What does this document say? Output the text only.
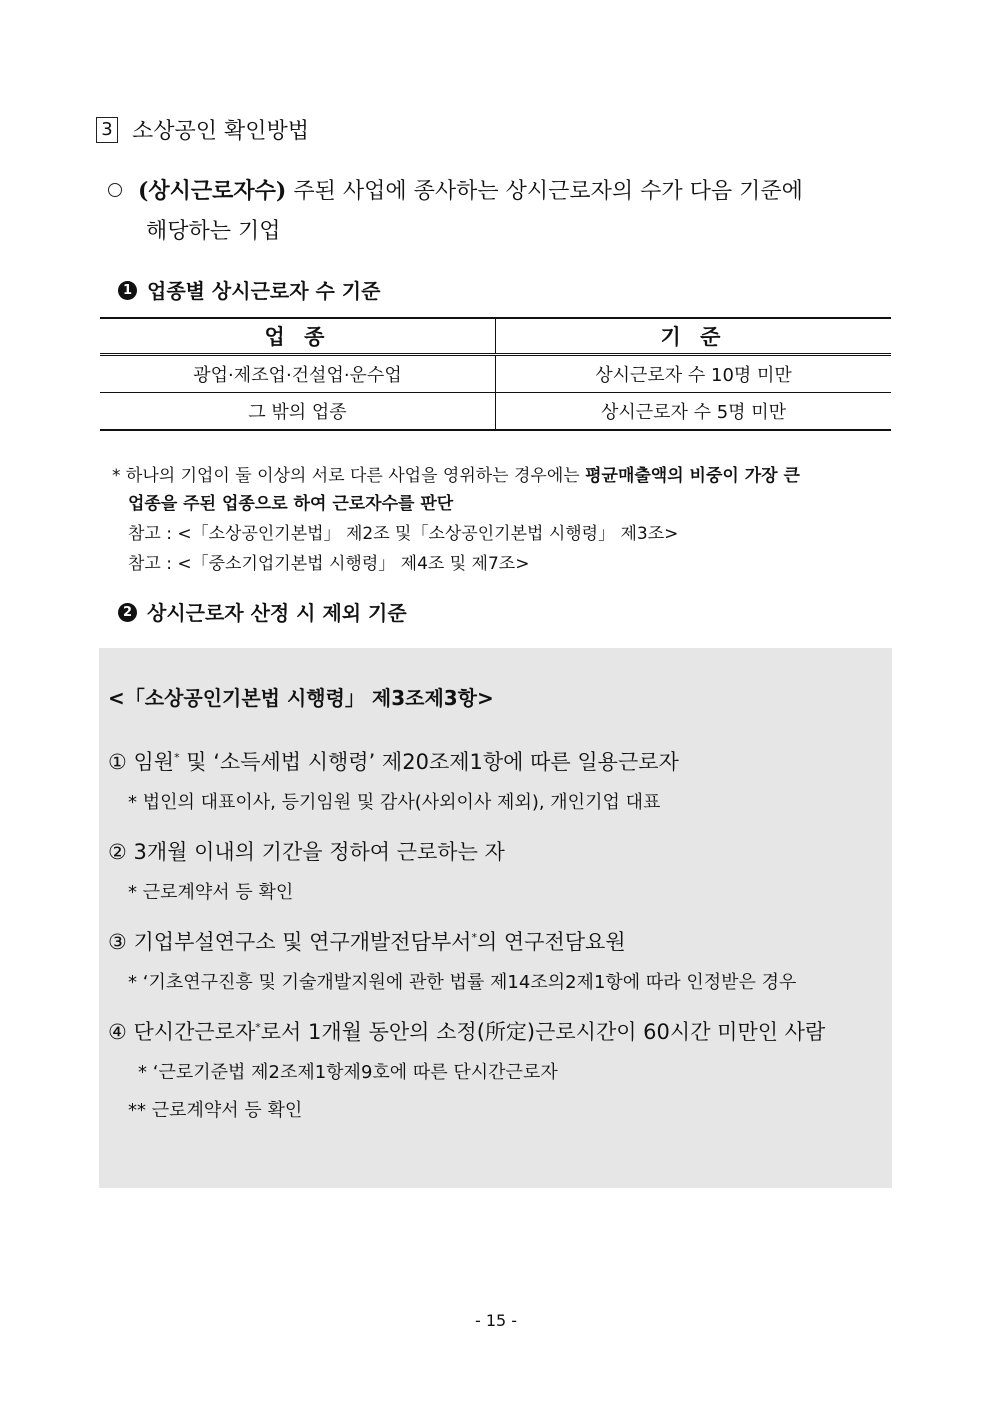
3 소상공인 확인방법
(상시근로자수) 주된 사업에 종사하는 상시근로자의 수가 다음 기준에
해당하는 기업
1 업종별 상시근로자 수 기준
업 종	기 준
광업·제조업·건설업·운수업	상시근로자 수 10명 미만
그 밖의 업종	상시근로자 수 5명 미만
* 하나의 기업이 둘 이상의 서로 다른 사업을 영위하는 경우에는 평균매출액의 비중이 가장 큰
업종을 주된 업종으로 하여 근로자수를 판단
참고 : <「소상공인기본법」 제2조 및「소상공인기본법 시행령」 제3조>
참고 : <「중소기업기본법 시행령」 제4조 및 제7조>
2 상시근로자 산정 시 제외 기준
<「소상공인기본법 시행령」 제3조제3항>
① 임원* 및 ‘소득세법 시행령’ 제20조제1항에 따른 일용근로자
* 법인의 대표이사, 등기임원 및 감사(사외이사 제외), 개인기업 대표
② 3개월 이내의 기간을 정하여 근로하는 자
* 근로계약서 등 확인
③ 기업부설연구소 및 연구개발전담부서*의 연구전담요원
* ‘기초연구진흥 및 기술개발지원에 관한 법률 제14조의2제1항에 따라 인정받은 경우
④ 단시간근로자*로서 1개월 동안의 소정(所定)근로시간이 60시간 미만인 사람
* ‘근로기준법 제2조제1항제9호에 따른 단시간근로자
** 근로계약서 등 확인
- 15 -
